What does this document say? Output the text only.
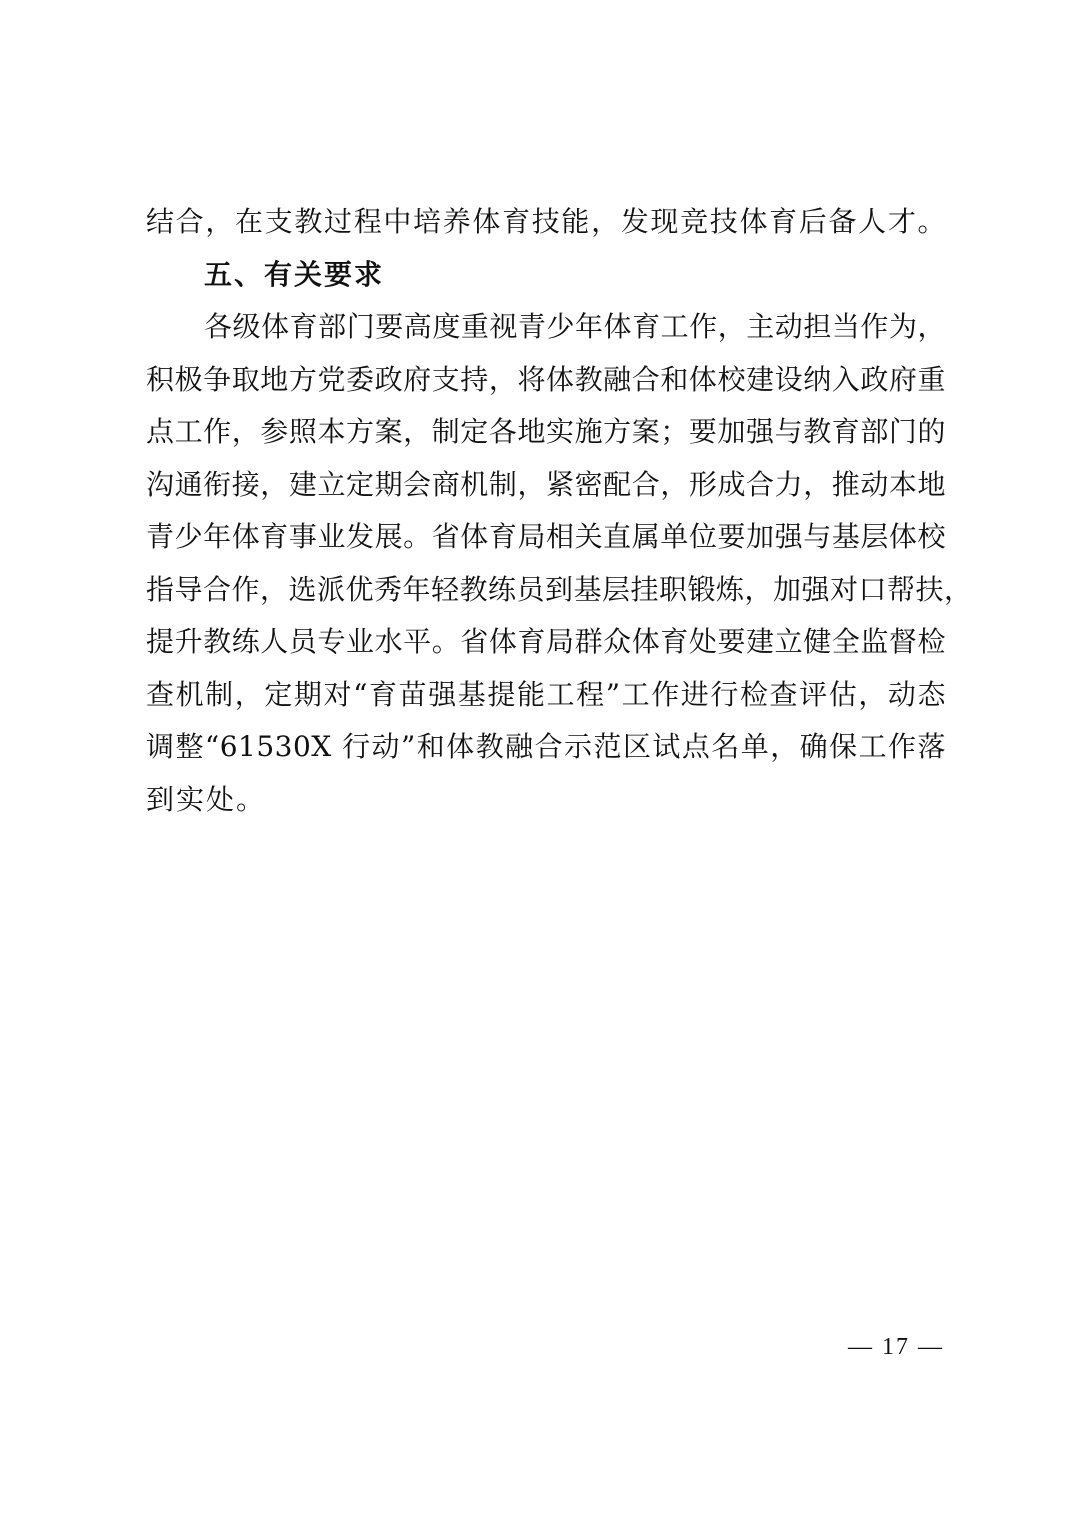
结合，在支教过程中培养体育技能，发现竞技体育后备人才。
五、有关要求
各级体育部门要高度重视青少年体育工作，主动担当作为，
积极争取地方党委政府支持，将体教融合和体校建设纳入政府重
点工作，参照本方案，制定各地实施方案；要加强与教育部门的
沟通衔接，建立定期会商机制，紧密配合，形成合力，推动本地
青少年体育事业发展。省体育局相关直属单位要加强与基层体校
指导合作，选派优秀年轻教练员到基层挂职锻炼，加强对口帮扶，
提升教练人员专业水平。省体育局群众体育处要建立健全监督检
查机制，定期对“育苗强基提能工程”工作进行检查评估，动态
调整“61530X 行动”和体教融合示范区试点名单，确保工作落
到实处。
— 17 —
